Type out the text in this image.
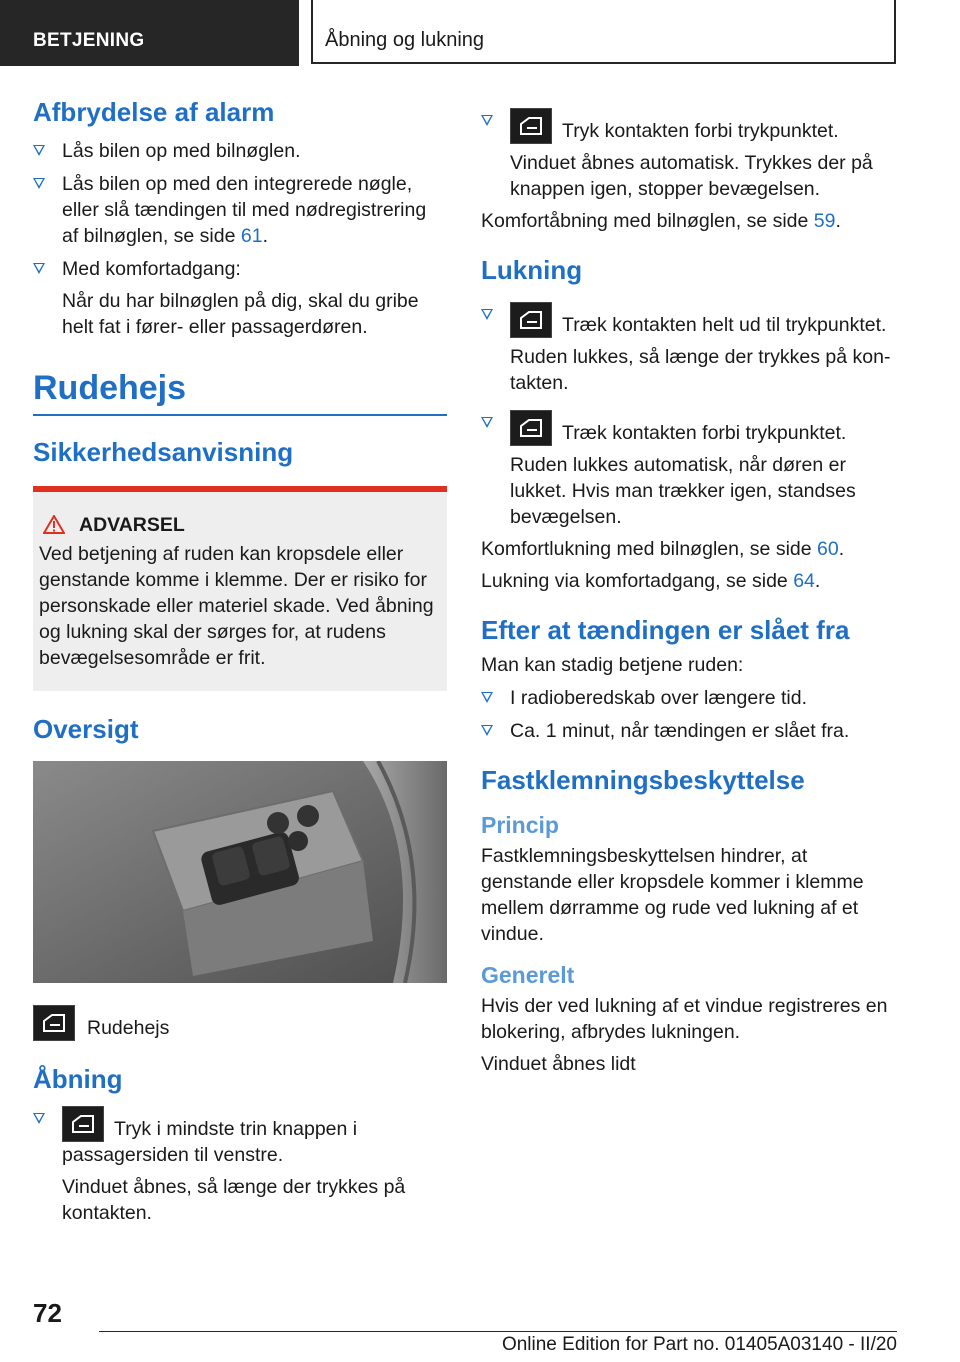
BETJENING	Åbning og lukning
Afbrydelse af alarm

Lås bilen op med bilnøglen.

Lås bilen op med den integrerede nøgle, eller slå tændingen til med nødregistrering af bilnøglen, se side 61.

Med komfortadgang:

Når du har bilnøglen på dig, skal du gribe helt fat i fører- eller passagerdøren.

Rudehejs
Sikkerhedsanvisning

ADVARSEL

Ved betjening af ruden kan kropsdele eller genstande komme i klemme. Der er risiko for personskade eller materiel skade. Ved åbning og lukning skal der sørges for, at rudens bevægelsesområde er frit.

Oversigt

Rudehejs

Åbning

Tryk i mindste trin knappen i passagersiden til venstre.

Vinduet åbnes, så længe der trykkes på kontakten.

Tryk kontakten forbi trykpunktet.

Vinduet åbnes automatisk. Trykkes der på knappen igen, stopper bevægelsen.

Komfortåbning med bilnøglen, se side 59.

Lukning

Træk kontakten helt ud til trykpunktet.

Ruden lukkes, så længe der trykkes på kontakten.

Træk kontakten forbi trykpunktet.

Ruden lukkes automatisk, når døren er lukket. Hvis man trækker igen, standses bevægelsen.

Komfortlukning med bilnøglen, se side 60.

Lukning via komfortadgang, se side 64.

Efter at tændingen er slået fra

Man kan stadig betjene ruden:

I radioberedskab over længere tid.

Ca. 1 minut, når tændingen er slået fra.

Fastklemningsbeskyttelse
Princip

Fastklemningsbeskyttelsen hindrer, at genstande eller kropsdele kommer i klemme mellem dørramme og rude ved lukning af et vindue.

Generelt

Hvis der ved lukning af et vindue registreres en blokering, afbrydes lukningen.

Vinduet åbnes lidt

72
Online Edition for Part no. 01405A03140 - II/20
